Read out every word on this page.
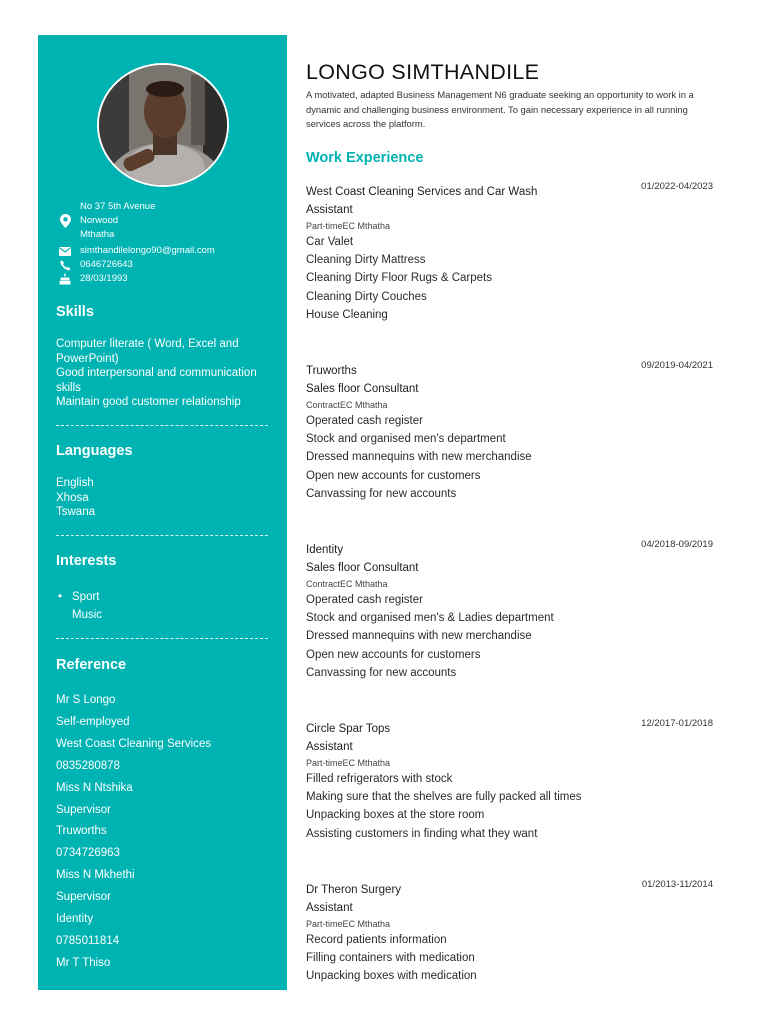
No 37 5th Avenue
Norwood
Mthatha
simthandilelongo90@gmail.com
0646726643
28/03/1993
Skills
Computer literate ( Word, Excel and PowerPoint)
Good interpersonal and communication skills
Maintain good customer relationship
Languages
English
Xhosa
Tswana
Interests
• Sport
Music
Reference
Mr S Longo
Self-employed
West Coast Cleaning Services
0835280878
Miss N Ntshika
Supervisor
Truworths
0734726963
Miss N Mkhethi
Supervisor
Identity
0785011814
Mr T Thiso
LONGO SIMTHANDILE

A motivated, adapted Business Management N6 graduate seeking an opportunity to work in a dynamic and challenging business environment. To gain necessary experience in all running services across the platform.

Work Experience
West Coast Cleaning Services and Car Wash	01/2022-04/2023
Assistant
Part-timeEC Mthatha
Car Valet
Cleaning Dirty Mattress
Cleaning Dirty Floor Rugs & Carpets
Cleaning Dirty Couches
House Cleaning
Truworths	09/2019-04/2021
Sales floor Consultant
ContractEC Mthatha
Operated cash register
Stock and organised men's department
Dressed mannequins with new merchandise
Open new accounts for customers
Canvassing for new accounts
Identity	04/2018-09/2019
Sales floor Consultant
ContractEC Mthatha
Operated cash register
Stock and organised men's & Ladies department
Dressed mannequins with new merchandise
Open new accounts for customers
Canvassing for new accounts
Circle Spar Tops	12/2017-01/2018
Assistant
Part-timeEC Mthatha
Filled refrigerators with stock
Making sure that the shelves are fully packed all times
Unpacking boxes at the store room
Assisting customers in finding what they want
Dr Theron Surgery	01/2013-11/2014
Assistant
Part-timeEC Mthatha
Record patients information
Filling containers with medication
Unpacking boxes with medication
